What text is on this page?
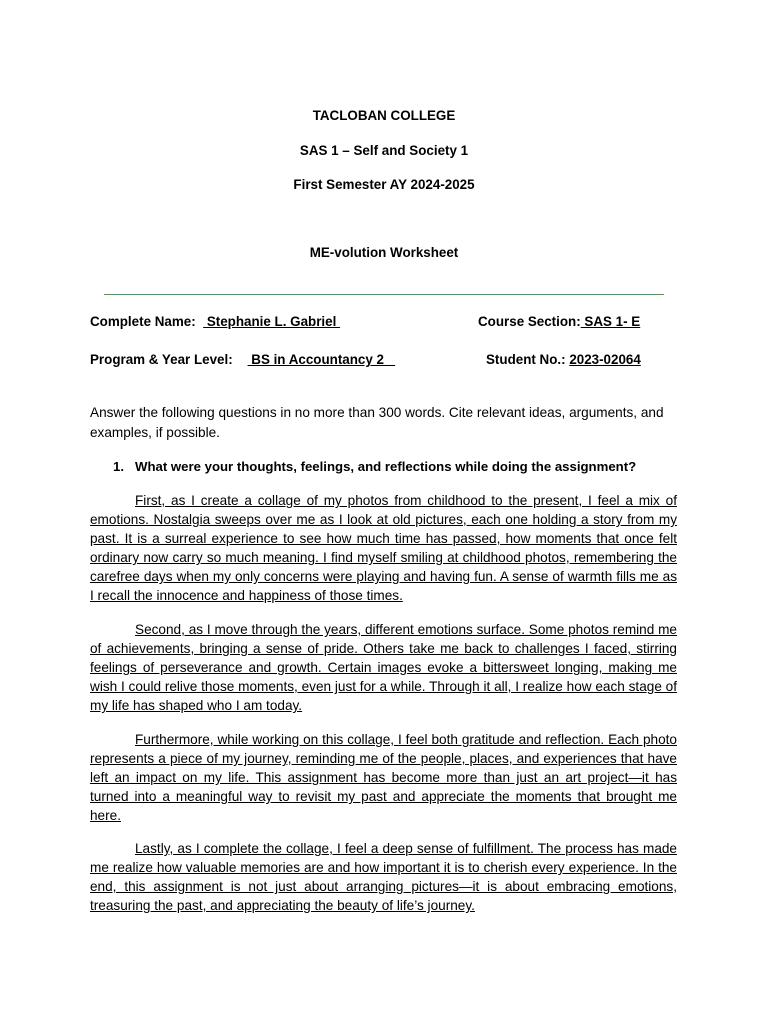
TACLOBAN COLLEGE
SAS 1 – Self and Society 1
First Semester AY 2024-2025
ME-volution Worksheet
Complete Name:   Stephanie L. Gabriel	Course Section: SAS 1- E
Program & Year Level:     BS in Accountancy 2	Student No.: 2023-02064
Answer the following questions in no more than 300 words. Cite relevant ideas, arguments, and examples, if possible.
1. What were your thoughts, feelings, and reflections while doing the assignment?
First, as I create a collage of my photos from childhood to the present, I feel a mix of emotions. Nostalgia sweeps over me as I look at old pictures, each one holding a story from my past. It is a surreal experience to see how much time has passed, how moments that once felt ordinary now carry so much meaning. I find myself smiling at childhood photos, remembering the carefree days when my only concerns were playing and having fun. A sense of warmth fills me as I recall the innocence and happiness of those times.
Second, as I move through the years, different emotions surface. Some photos remind me of achievements, bringing a sense of pride. Others take me back to challenges I faced, stirring feelings of perseverance and growth. Certain images evoke a bittersweet longing, making me wish I could relive those moments, even just for a while. Through it all, I realize how each stage of my life has shaped who I am today.
Furthermore, while working on this collage, I feel both gratitude and reflection. Each photo represents a piece of my journey, reminding me of the people, places, and experiences that have left an impact on my life. This assignment has become more than just an art project—it has turned into a meaningful way to revisit my past and appreciate the moments that brought me here.
Lastly, as I complete the collage, I feel a deep sense of fulfillment. The process has made me realize how valuable memories are and how important it is to cherish every experience. In the end, this assignment is not just about arranging pictures—it is about embracing emotions, treasuring the past, and appreciating the beauty of life’s journey.
